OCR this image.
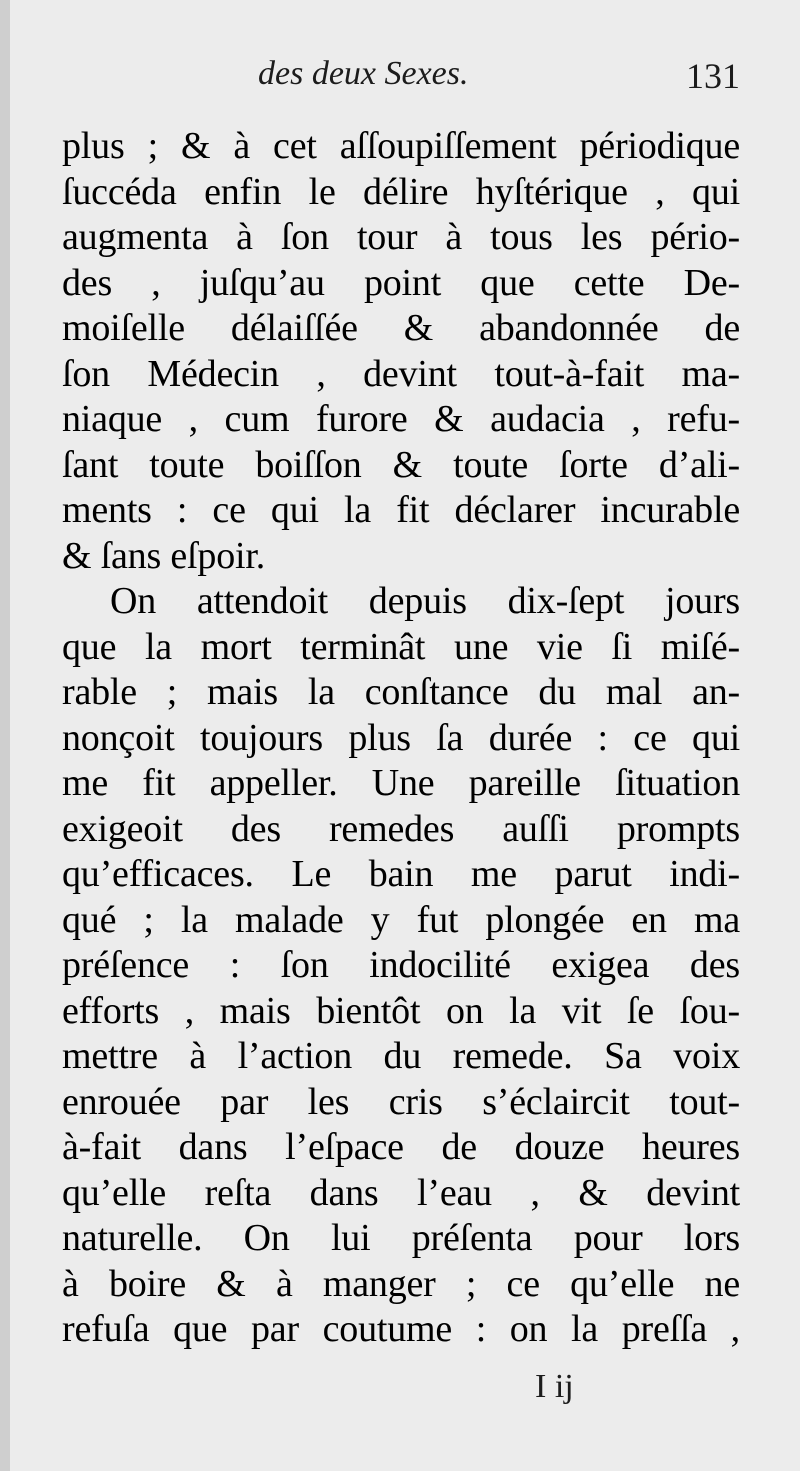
des deux Sexes.	131
plus ; & à cet aſſoupiſſement périodique
ſuccéda enfin le délire hyſtérique , qui
augmenta à ſon tour à tous les pério-
des , juſqu’au point que cette De-
moiſelle délaiſſée & abandonnée de
ſon Médecin , devint tout-à-fait ma-
niaque , cum furore & audacia , refu-
ſant toute boiſſon & toute ſorte d’ali-
ments : ce qui la fit déclarer incurable
& ſans eſpoir.
On attendoit depuis dix-ſept jours
que la mort terminât une vie ſi miſé-
rable ; mais la conſtance du mal an-
nonçoit toujours plus ſa durée : ce qui
me fit appeller. Une pareille ſituation
exigeoit des remedes auſſi prompts
qu’efficaces. Le bain me parut indi-
qué ; la malade y fut plongée en ma
préſence : ſon indocilité exigea des
efforts , mais bientôt on la vit ſe ſou-
mettre à l’action du remede. Sa voix
enrouée par les cris s’éclaircit tout-
à-fait dans l’eſpace de douze heures
qu’elle reſta dans l’eau , & devint
naturelle. On lui préſenta pour lors
à boire & à manger ; ce qu’elle ne
refuſa que par coutume : on la preſſa ,
I ij
